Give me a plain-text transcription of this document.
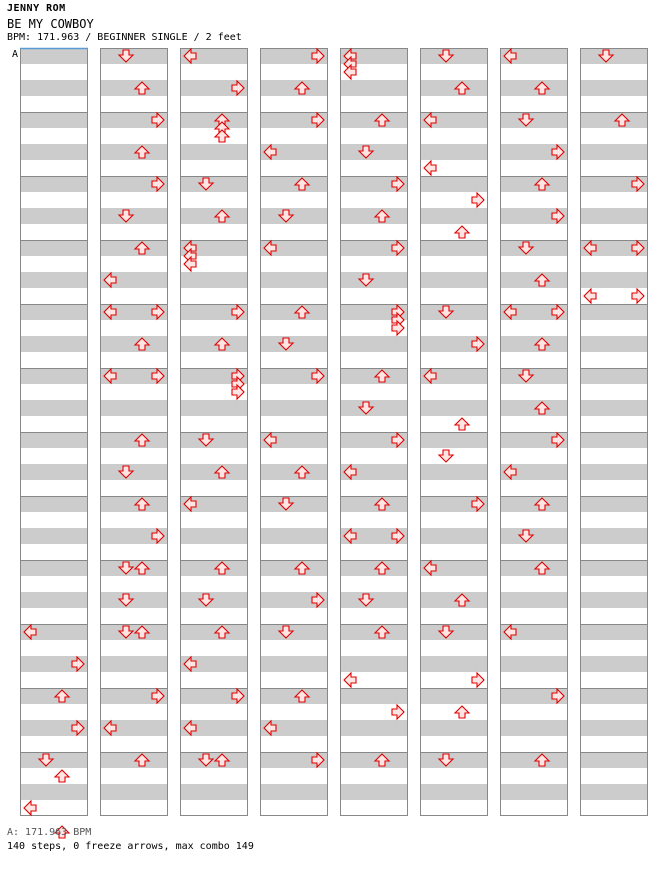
JENNY ROM
BE MY COWBOY
BPM: 171.963 / BEGINNER SINGLE / 2 feet
A
A: 171.963 BPM
140 steps, 0 freeze arrows, max combo 149
